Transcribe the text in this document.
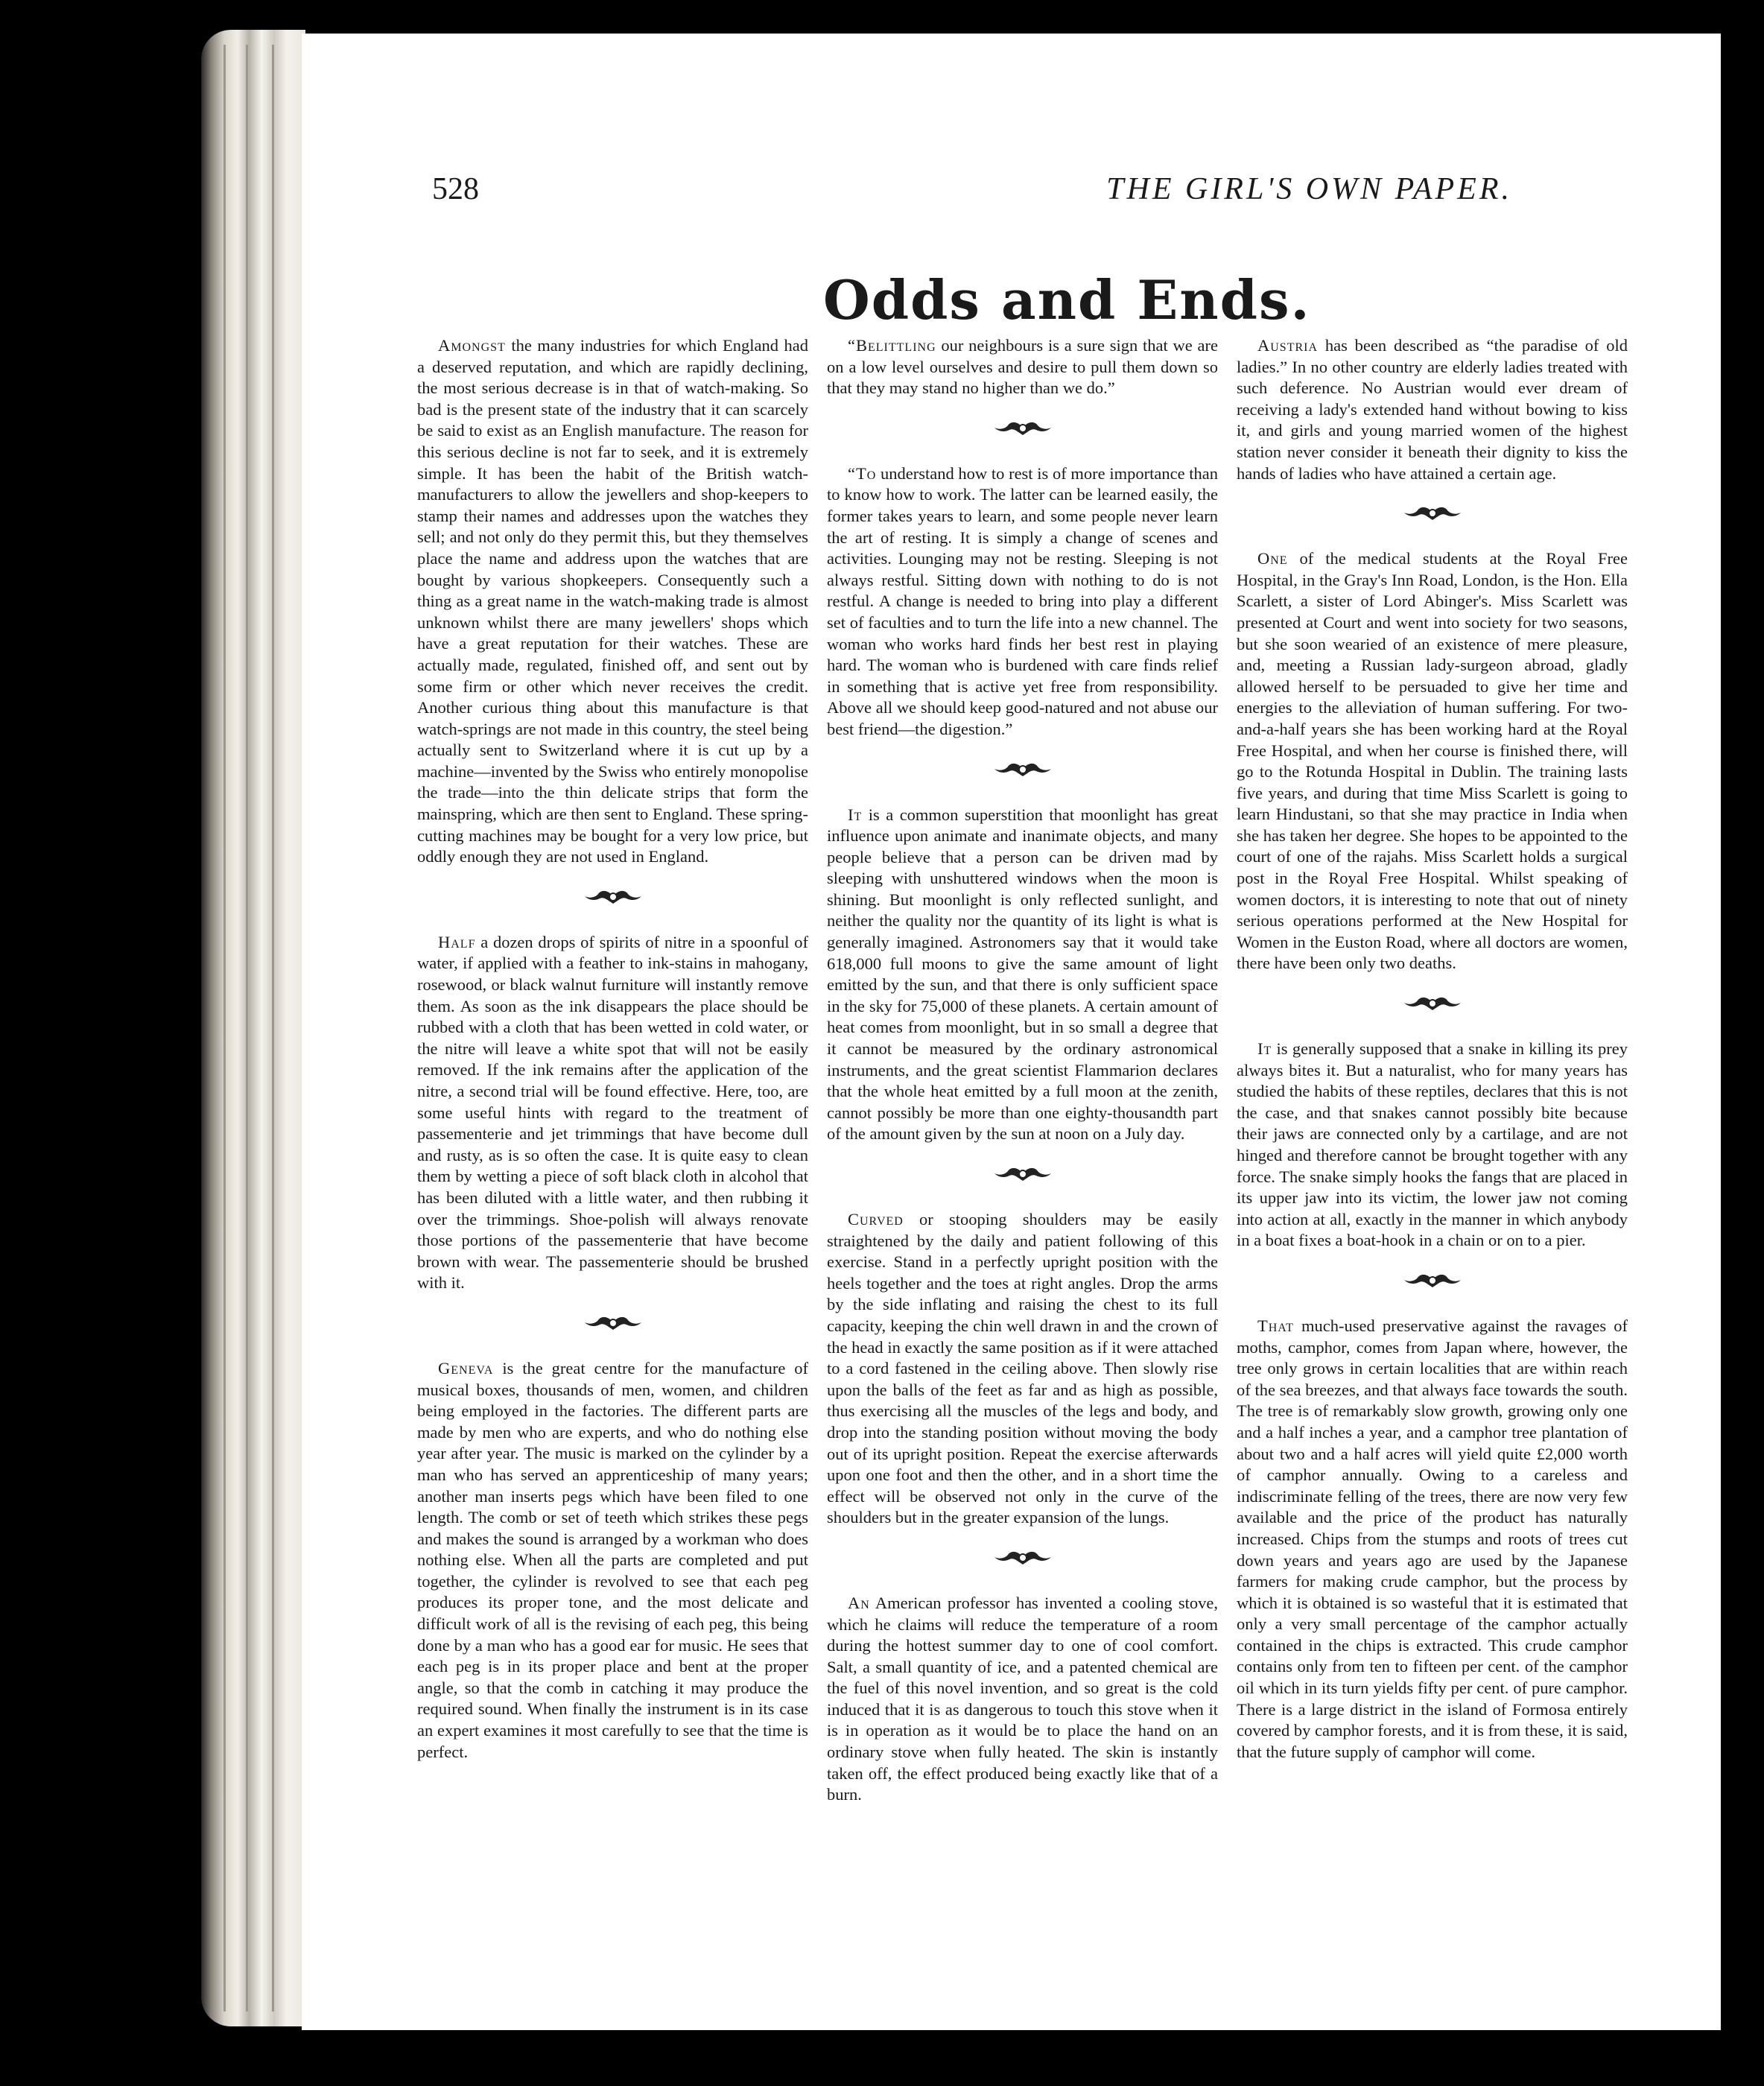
528	THE GIRL'S OWN PAPER.
Odds and Ends.

Amongst the many industries for which England had a deserved reputation, and which are rapidly declining, the most serious decrease is in that of watch-making. So bad is the present state of the industry that it can scarcely be said to exist as an English manufacture. The reason for this serious decline is not far to seek, and it is extremely simple. It has been the habit of the British watch-manufacturers to allow the jewellers and shop-keepers to stamp their names and addresses upon the watches they sell; and not only do they permit this, but they themselves place the name and address upon the watches that are bought by various shopkeepers. Consequently such a thing as a great name in the watch-making trade is almost unknown whilst there are many jewellers' shops which have a great reputation for their watches. These are actually made, regulated, finished off, and sent out by some firm or other which never receives the credit. Another curious thing about this manufacture is that watch-springs are not made in this country, the steel being actually sent to Switzerland where it is cut up by a machine—invented by the Swiss who entirely monopolise the trade—into the thin delicate strips that form the mainspring, which are then sent to England. These spring-cutting machines may be bought for a very low price, but oddly enough they are not used in England.

Half a dozen drops of spirits of nitre in a spoonful of water, if applied with a feather to ink-stains in mahogany, rosewood, or black walnut furniture will instantly remove them. As soon as the ink disappears the place should be rubbed with a cloth that has been wetted in cold water, or the nitre will leave a white spot that will not be easily removed. If the ink remains after the application of the nitre, a second trial will be found effective. Here, too, are some useful hints with regard to the treatment of passementerie and jet trimmings that have become dull and rusty, as is so often the case. It is quite easy to clean them by wetting a piece of soft black cloth in alcohol that has been diluted with a little water, and then rubbing it over the trimmings. Shoe-polish will always renovate those portions of the passementerie that have become brown with wear. The passementerie should be brushed with it.

Geneva is the great centre for the manufacture of musical boxes, thousands of men, women, and children being employed in the factories. The different parts are made by men who are experts, and who do nothing else year after year. The music is marked on the cylinder by a man who has served an apprenticeship of many years; another man inserts pegs which have been filed to one length. The comb or set of teeth which strikes these pegs and makes the sound is arranged by a workman who does nothing else. When all the parts are completed and put together, the cylinder is revolved to see that each peg produces its proper tone, and the most delicate and difficult work of all is the revising of each peg, this being done by a man who has a good ear for music. He sees that each peg is in its proper place and bent at the proper angle, so that the comb in catching it may produce the required sound. When finally the instrument is in its case an expert examines it most carefully to see that the time is perfect.

“Belittling our neighbours is a sure sign that we are on a low level ourselves and desire to pull them down so that they may stand no higher than we do.”

“To understand how to rest is of more importance than to know how to work. The latter can be learned easily, the former takes years to learn, and some people never learn the art of resting. It is simply a change of scenes and activities. Lounging may not be resting. Sleeping is not always restful. Sitting down with nothing to do is not restful. A change is needed to bring into play a different set of faculties and to turn the life into a new channel. The woman who works hard finds her best rest in playing hard. The woman who is burdened with care finds relief in something that is active yet free from responsibility. Above all we should keep good-natured and not abuse our best friend—the digestion.”

It is a common superstition that moonlight has great influence upon animate and inanimate objects, and many people believe that a person can be driven mad by sleeping with unshuttered windows when the moon is shining. But moonlight is only reflected sunlight, and neither the quality nor the quantity of its light is what is generally imagined. Astronomers say that it would take 618,000 full moons to give the same amount of light emitted by the sun, and that there is only sufficient space in the sky for 75,000 of these planets. A certain amount of heat comes from moonlight, but in so small a degree that it cannot be measured by the ordinary astronomical instruments, and the great scientist Flammarion declares that the whole heat emitted by a full moon at the zenith, cannot possibly be more than one eighty-thousandth part of the amount given by the sun at noon on a July day.

Curved or stooping shoulders may be easily straightened by the daily and patient following of this exercise. Stand in a perfectly upright position with the heels together and the toes at right angles. Drop the arms by the side inflating and raising the chest to its full capacity, keeping the chin well drawn in and the crown of the head in exactly the same position as if it were attached to a cord fastened in the ceiling above. Then slowly rise upon the balls of the feet as far and as high as possible, thus exercising all the muscles of the legs and body, and drop into the standing position without moving the body out of its upright position. Repeat the exercise afterwards upon one foot and then the other, and in a short time the effect will be observed not only in the curve of the shoulders but in the greater expansion of the lungs.

An American professor has invented a cooling stove, which he claims will reduce the temperature of a room during the hottest summer day to one of cool comfort. Salt, a small quantity of ice, and a patented chemical are the fuel of this novel invention, and so great is the cold induced that it is as dangerous to touch this stove when it is in operation as it would be to place the hand on an ordinary stove when fully heated. The skin is instantly taken off, the effect produced being exactly like that of a burn.

Austria has been described as “the paradise of old ladies.” In no other country are elderly ladies treated with such deference. No Austrian would ever dream of receiving a lady's extended hand without bowing to kiss it, and girls and young married women of the highest station never consider it beneath their dignity to kiss the hands of ladies who have attained a certain age.

One of the medical students at the Royal Free Hospital, in the Gray's Inn Road, London, is the Hon. Ella Scarlett, a sister of Lord Abinger's. Miss Scarlett was presented at Court and went into society for two seasons, but she soon wearied of an existence of mere pleasure, and, meeting a Russian lady-surgeon abroad, gladly allowed herself to be persuaded to give her time and energies to the alleviation of human suffering. For two-and-a-half years she has been working hard at the Royal Free Hospital, and when her course is finished there, will go to the Rotunda Hospital in Dublin. The training lasts five years, and during that time Miss Scarlett is going to learn Hindustani, so that she may practice in India when she has taken her degree. She hopes to be appointed to the court of one of the rajahs. Miss Scarlett holds a surgical post in the Royal Free Hospital. Whilst speaking of women doctors, it is interesting to note that out of ninety serious operations performed at the New Hospital for Women in the Euston Road, where all doctors are women, there have been only two deaths.

It is generally supposed that a snake in killing its prey always bites it. But a naturalist, who for many years has studied the habits of these reptiles, declares that this is not the case, and that snakes cannot possibly bite because their jaws are connected only by a cartilage, and are not hinged and therefore cannot be brought together with any force. The snake simply hooks the fangs that are placed in its upper jaw into its victim, the lower jaw not coming into action at all, exactly in the manner in which anybody in a boat fixes a boat-hook in a chain or on to a pier.

That much-used preservative against the ravages of moths, camphor, comes from Japan where, however, the tree only grows in certain localities that are within reach of the sea breezes, and that always face towards the south. The tree is of remarkably slow growth, growing only one and a half inches a year, and a camphor tree plantation of about two and a half acres will yield quite £2,000 worth of camphor annually. Owing to a careless and indiscriminate felling of the trees, there are now very few available and the price of the product has naturally increased. Chips from the stumps and roots of trees cut down years and years ago are used by the Japanese farmers for making crude camphor, but the process by which it is obtained is so wasteful that it is estimated that only a very small percentage of the camphor actually contained in the chips is extracted. This crude camphor contains only from ten to fifteen per cent. of the camphor oil which in its turn yields fifty per cent. of pure camphor. There is a large district in the island of Formosa entirely covered by camphor forests, and it is from these, it is said, that the future supply of camphor will come.
